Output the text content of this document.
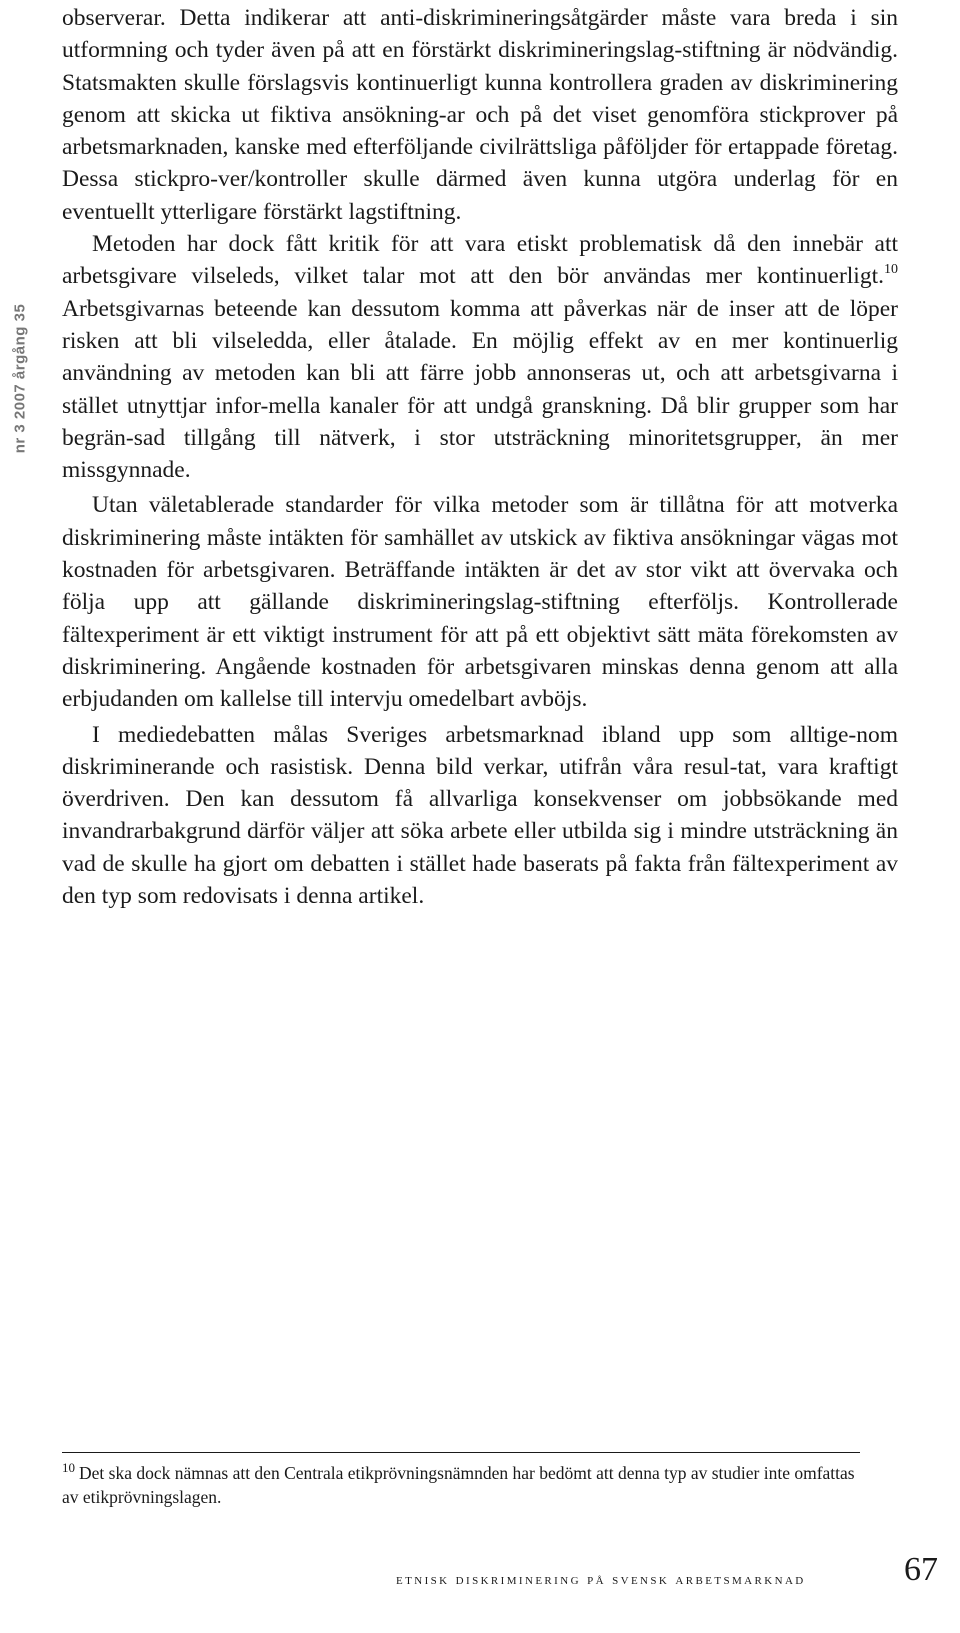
nr 3 2007 årgång 35

observerar. Detta indikerar att anti-diskrimineringsåtgärder måste vara breda i sin utformning och tyder även på att en förstärkt diskrimineringslag-stiftning är nödvändig. Statsmakten skulle förslagsvis kontinuerligt kunna kontrollera graden av diskriminering genom att skicka ut fiktiva ansökning-ar och på det viset genomföra stickprover på arbetsmarknaden, kanske med efterföljande civilrättsliga påföljder för ertappade företag. Dessa stickpro-ver/kontroller skulle därmed även kunna utgöra underlag för en eventuellt ytterligare förstärkt lagstiftning.

Metoden har dock fått kritik för att vara etiskt problematisk då den innebär att arbetsgivare vilseleds, vilket talar mot att den bör användas mer kontinuerligt.$^{10}$ Arbetsgivarnas beteende kan dessutom komma att påverkas när de inser att de löper risken att bli vilseledda, eller åtalade. En möjlig effekt av en mer kontinuerlig användning av metoden kan bli att färre jobb annonseras ut, och att arbetsgivarna i stället utnyttjar infor-mella kanaler för att undgå granskning. Då blir grupper som har begrän-sad tillgång till nätverk, i stor utsträckning minoritetsgrupper, än mer missgynnade.

Utan väletablerade standarder för vilka metoder som är tillåtna för att motverka diskriminering måste intäkten för samhället av utskick av fiktiva ansökningar vägas mot kostnaden för arbetsgivaren. Beträffande intäkten är det av stor vikt att övervaka och följa upp att gällande diskrimineringslag-stiftning efterföljs. Kontrollerade fältexperiment är ett viktigt instrument för att på ett objektivt sätt mäta förekomsten av diskriminering. Angående kostnaden för arbetsgivaren minskas denna genom att alla erbjudanden om kallelse till intervju omedelbart avböjs.

I mediedebatten målas Sveriges arbetsmarknad ibland upp som alltige-nom diskriminerande och rasistisk. Denna bild verkar, utifrån våra resul-tat, vara kraftigt överdriven. Den kan dessutom få allvarliga konsekvenser om jobbsökande med invandrarbakgrund därför väljer att söka arbete eller utbilda sig i mindre utsträckning än vad de skulle ha gjort om debatten i stället hade baserats på fakta från fältexperiment av den typ som redovisats i denna artikel.

$^{10}$ Det ska dock nämnas att den Centrala etikprövningsnämnden har bedömt att denna typ av studier inte omfattas av etikprövningslagen.
etnisk diskriminering på svensk arbetsmarknad	67
